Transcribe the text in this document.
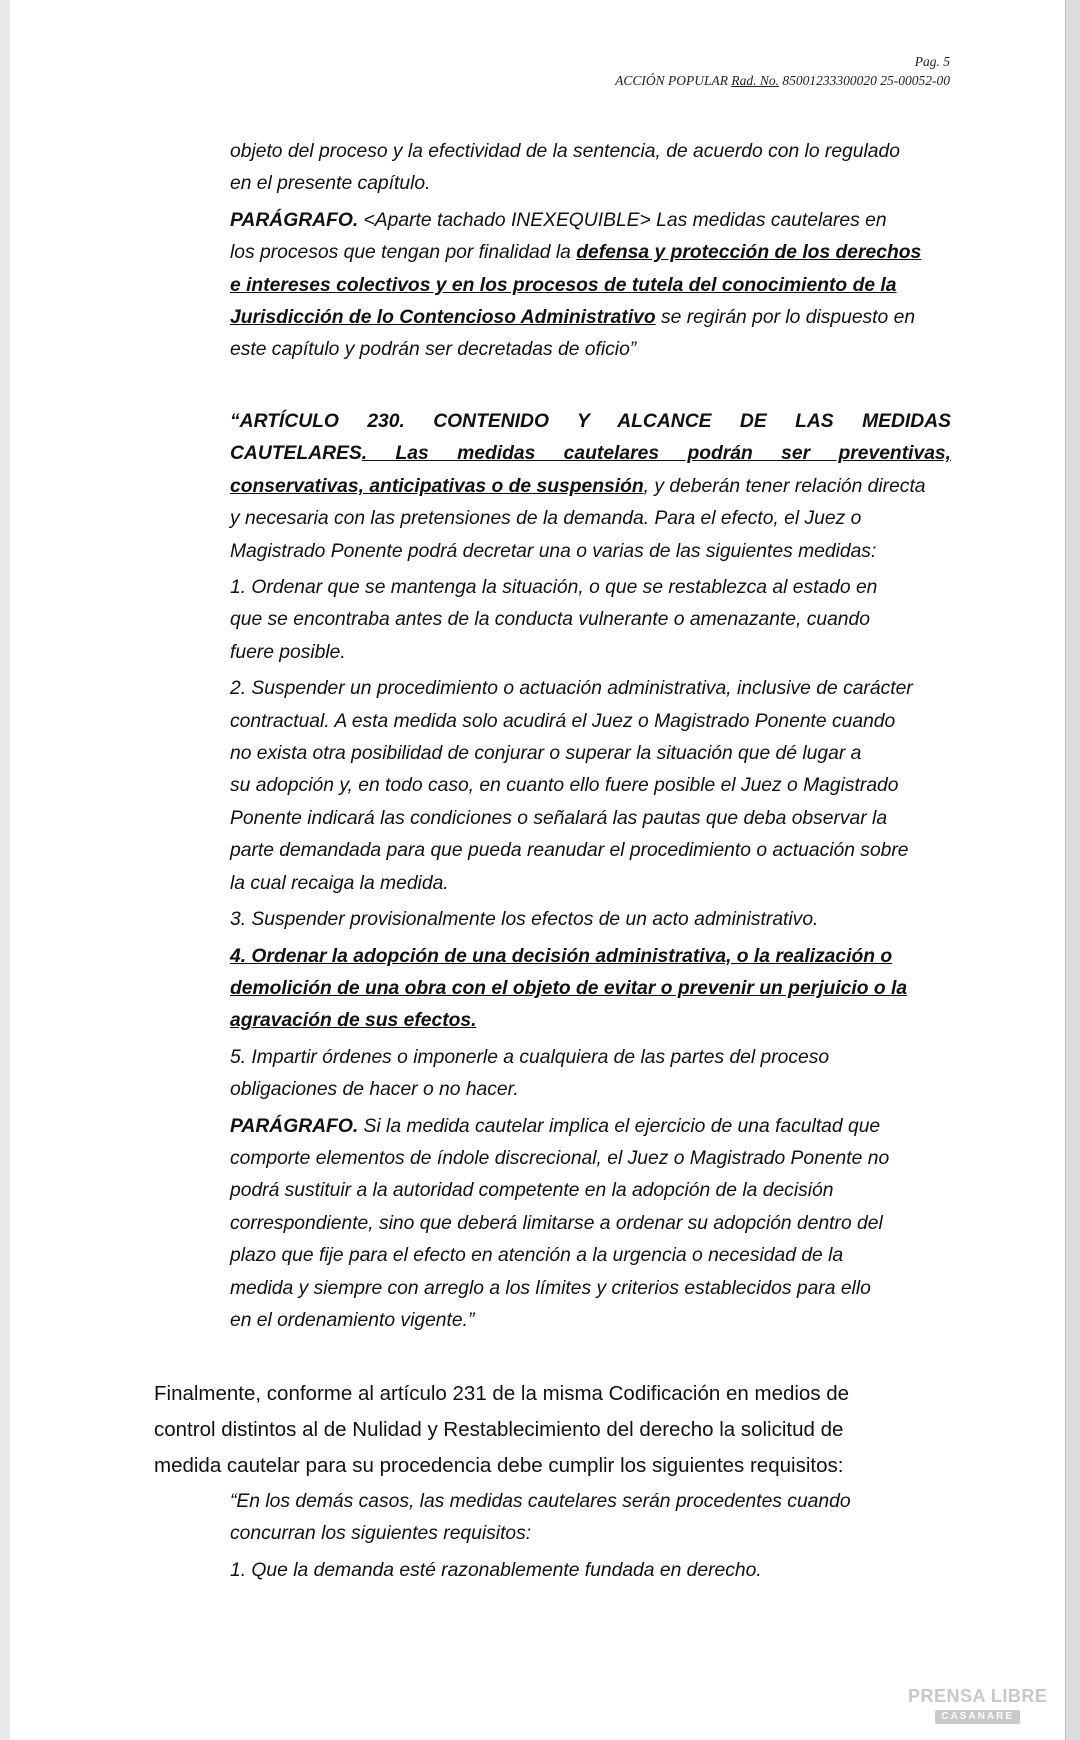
Pag. 5
ACCIÓN POPULAR Rad. No. 85001233300020 25-00052-00

objeto del proceso y la efectividad de la sentencia, de acuerdo con lo regulado

en el presente capítulo.

PARÁGRAFO. <Aparte tachado INEXEQUIBLE> Las medidas cautelares en

los procesos que tengan por finalidad la defensa y protección de los derechos

e intereses colectivos y en los procesos de tutela del conocimiento de la

Jurisdicción de lo Contencioso Administrativo se regirán por lo dispuesto en

este capítulo y podrán ser decretadas de oficio”

“ARTÍCULO 230. CONTENIDO Y ALCANCE DE LAS MEDIDAS

CAUTELARES. Las medidas cautelares podrán ser preventivas,

conservativas, anticipativas o de suspensión, y deberán tener relación directa

y necesaria con las pretensiones de la demanda. Para el efecto, el Juez o

Magistrado Ponente podrá decretar una o varias de las siguientes medidas:

1. Ordenar que se mantenga la situación, o que se restablezca al estado en

que se encontraba antes de la conducta vulnerante o amenazante, cuando

fuere posible.

2. Suspender un procedimiento o actuación administrativa, inclusive de carácter

contractual. A esta medida solo acudirá el Juez o Magistrado Ponente cuando

no exista otra posibilidad de conjurar o superar la situación que dé lugar a

su adopción y, en todo caso, en cuanto ello fuere posible el Juez o Magistrado

Ponente indicará las condiciones o señalará las pautas que deba observar la

parte demandada para que pueda reanudar el procedimiento o actuación sobre

la cual recaiga la medida.

3. Suspender provisionalmente los efectos de un acto administrativo.

4. Ordenar la adopción de una decisión administrativa, o la realización o

demolición de una obra con el objeto de evitar o prevenir un perjuicio o la

agravación de sus efectos.

5. Impartir órdenes o imponerle a cualquiera de las partes del proceso

obligaciones de hacer o no hacer.

PARÁGRAFO. Si la medida cautelar implica el ejercicio de una facultad que

comporte elementos de índole discrecional, el Juez o Magistrado Ponente no

podrá sustituir a la autoridad competente en la adopción de la decisión

correspondiente, sino que deberá limitarse a ordenar su adopción dentro del

plazo que fije para el efecto en atención a la urgencia o necesidad de la

medida y siempre con arreglo a los límites y criterios establecidos para ello

en el ordenamiento vigente.”

Finalmente, conforme al artículo 231 de la misma Codificación en medios de

control distintos al de Nulidad y Restablecimiento del derecho la solicitud de

medida cautelar para su procedencia debe cumplir los siguientes requisitos:

“En los demás casos, las medidas cautelares serán procedentes cuando

concurran los siguientes requisitos:

1. Que la demanda esté razonablemente fundada en derecho.

PRENSA LIBRE
CASANARE
